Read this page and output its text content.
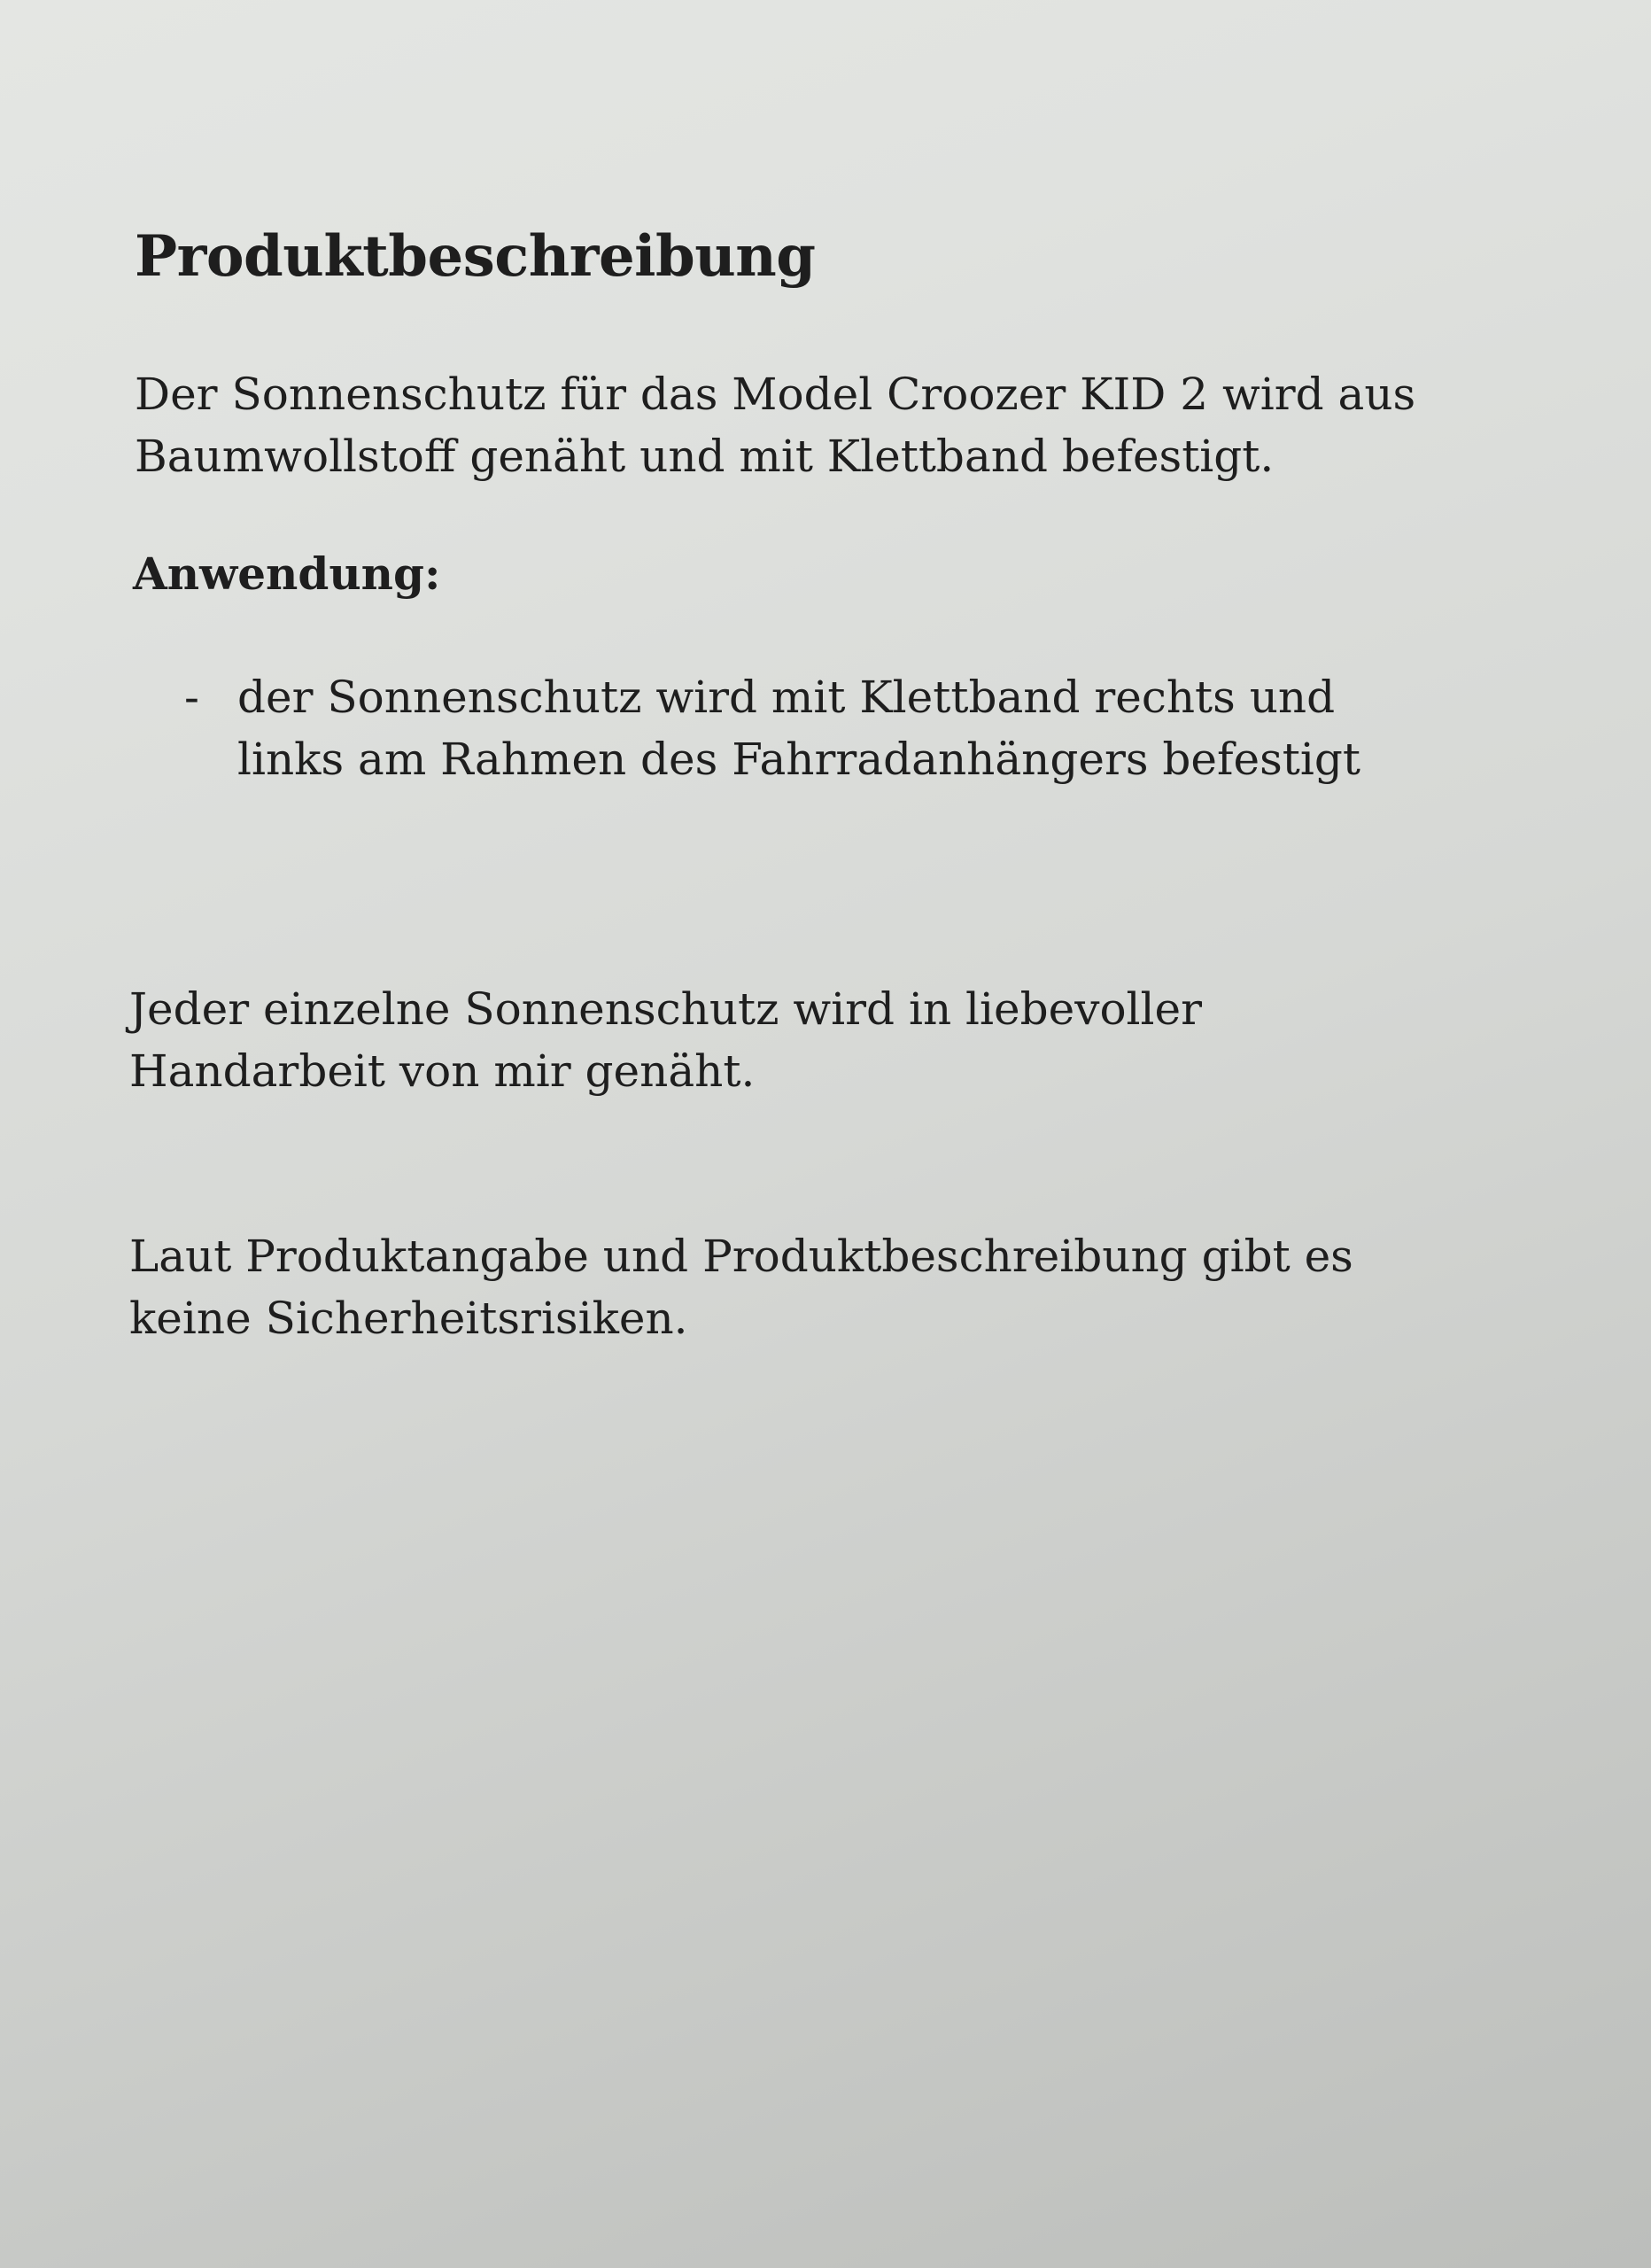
Produktbeschreibung

Der Sonnenschutz für das Model Croozer KID 2 wird aus
Baumwollstoff genäht und mit Klettband befestigt.

Anwendung:
- der Sonnenschutz wird mit Klettband rechts und
links am Rahmen des Fahrradanhängers befestigt

Jeder einzelne Sonnenschutz wird in liebevoller
Handarbeit von mir genäht.

Laut Produktangabe und Produktbeschreibung gibt es
keine Sicherheitsrisiken.
